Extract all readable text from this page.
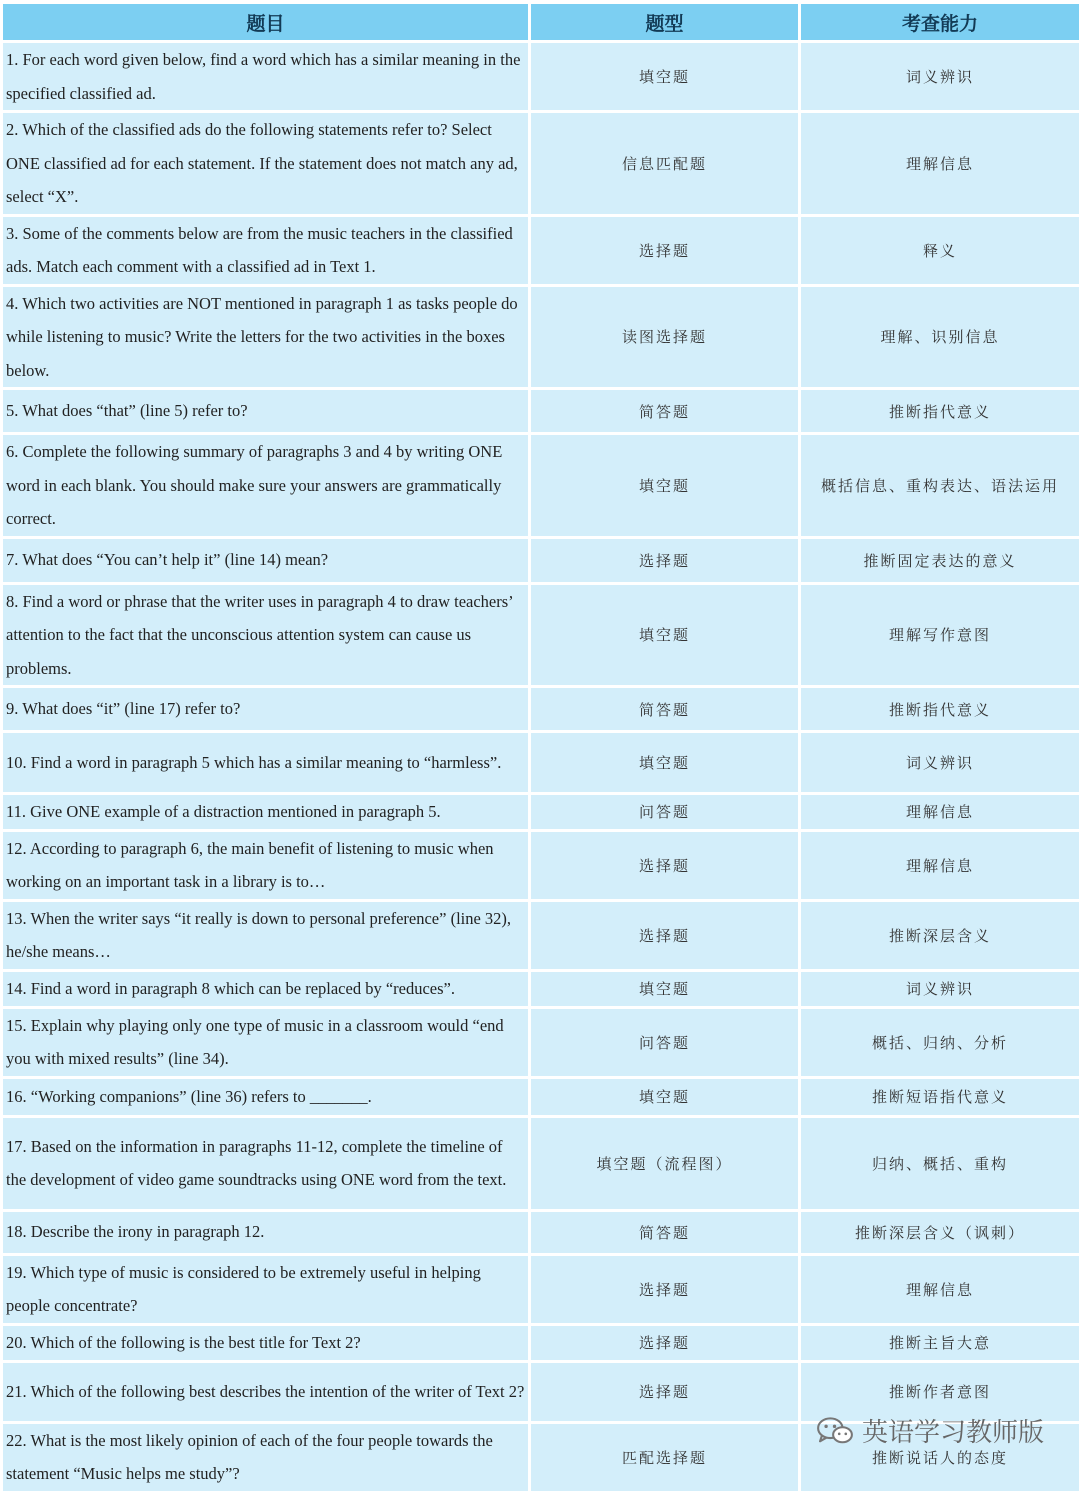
题目	题型	考查能力
1. For each word given below, find a word which has a similar meaning in the specified classified ad.	填空题	词义辨识
2. Which of the classified ads do the following statements refer to? Select ONE classified ad for each statement. If the statement does not match any ad, select “X”.	信息匹配题	理解信息
3. Some of the comments below are from the music teachers in the classified ads. Match each comment with a classified ad in Text 1.	选择题	释义
4. Which two activities are NOT mentioned in paragraph 1 as tasks people do while listening to music? Write the letters for the two activities in the boxes below.	读图选择题	理解、识别信息
5. What does “that” (line 5) refer to?	简答题	推断指代意义
6. Complete the following summary of paragraphs 3 and 4 by writing ONE word in each blank. You should make sure your answers are grammatically correct.	填空题	概括信息、重构表达、语法运用
7. What does “You can’t help it” (line 14) mean?	选择题	推断固定表达的意义
8. Find a word or phrase that the writer uses in paragraph 4 to draw teachers’ attention to the fact that the unconscious attention system can cause us problems.	填空题	理解写作意图
9. What does “it” (line 17) refer to?	简答题	推断指代意义
10. Find a word in paragraph 5 which has a similar meaning to “harmless”.	填空题	词义辨识
11. Give ONE example of a distraction mentioned in paragraph 5.	问答题	理解信息
12. According to paragraph 6, the main benefit of listening to music when working on an important task in a library is to…	选择题	理解信息
13. When the writer says “it really is down to personal preference” (line 32), he/she means…	选择题	推断深层含义
14. Find a word in paragraph 8 which can be replaced by “reduces”.	填空题	词义辨识
15. Explain why playing only one type of music in a classroom would “end you with mixed results” (line 34).	问答题	概括、归纳、分析
16. “Working companions” (line 36) refers to _______.	填空题	推断短语指代意义
17. Based on the information in paragraphs 11-12, complete the timeline of the development of video game soundtracks using ONE word from the text.	填空题（流程图）	归纳、概括、重构
18. Describe the irony in paragraph 12.	简答题	推断深层含义（讽刺）
19. Which type of music is considered to be extremely useful in helping people concentrate?	选择题	理解信息
20. Which of the following is the best title for Text 2?	选择题	推断主旨大意
21. Which of the following best describes the intention of the writer of Text 2?	选择题	推断作者意图
22. What is the most likely opinion of each of the four people towards the statement “Music helps me study”?	匹配选择题	推断说话人的态度
英语学习教师版
